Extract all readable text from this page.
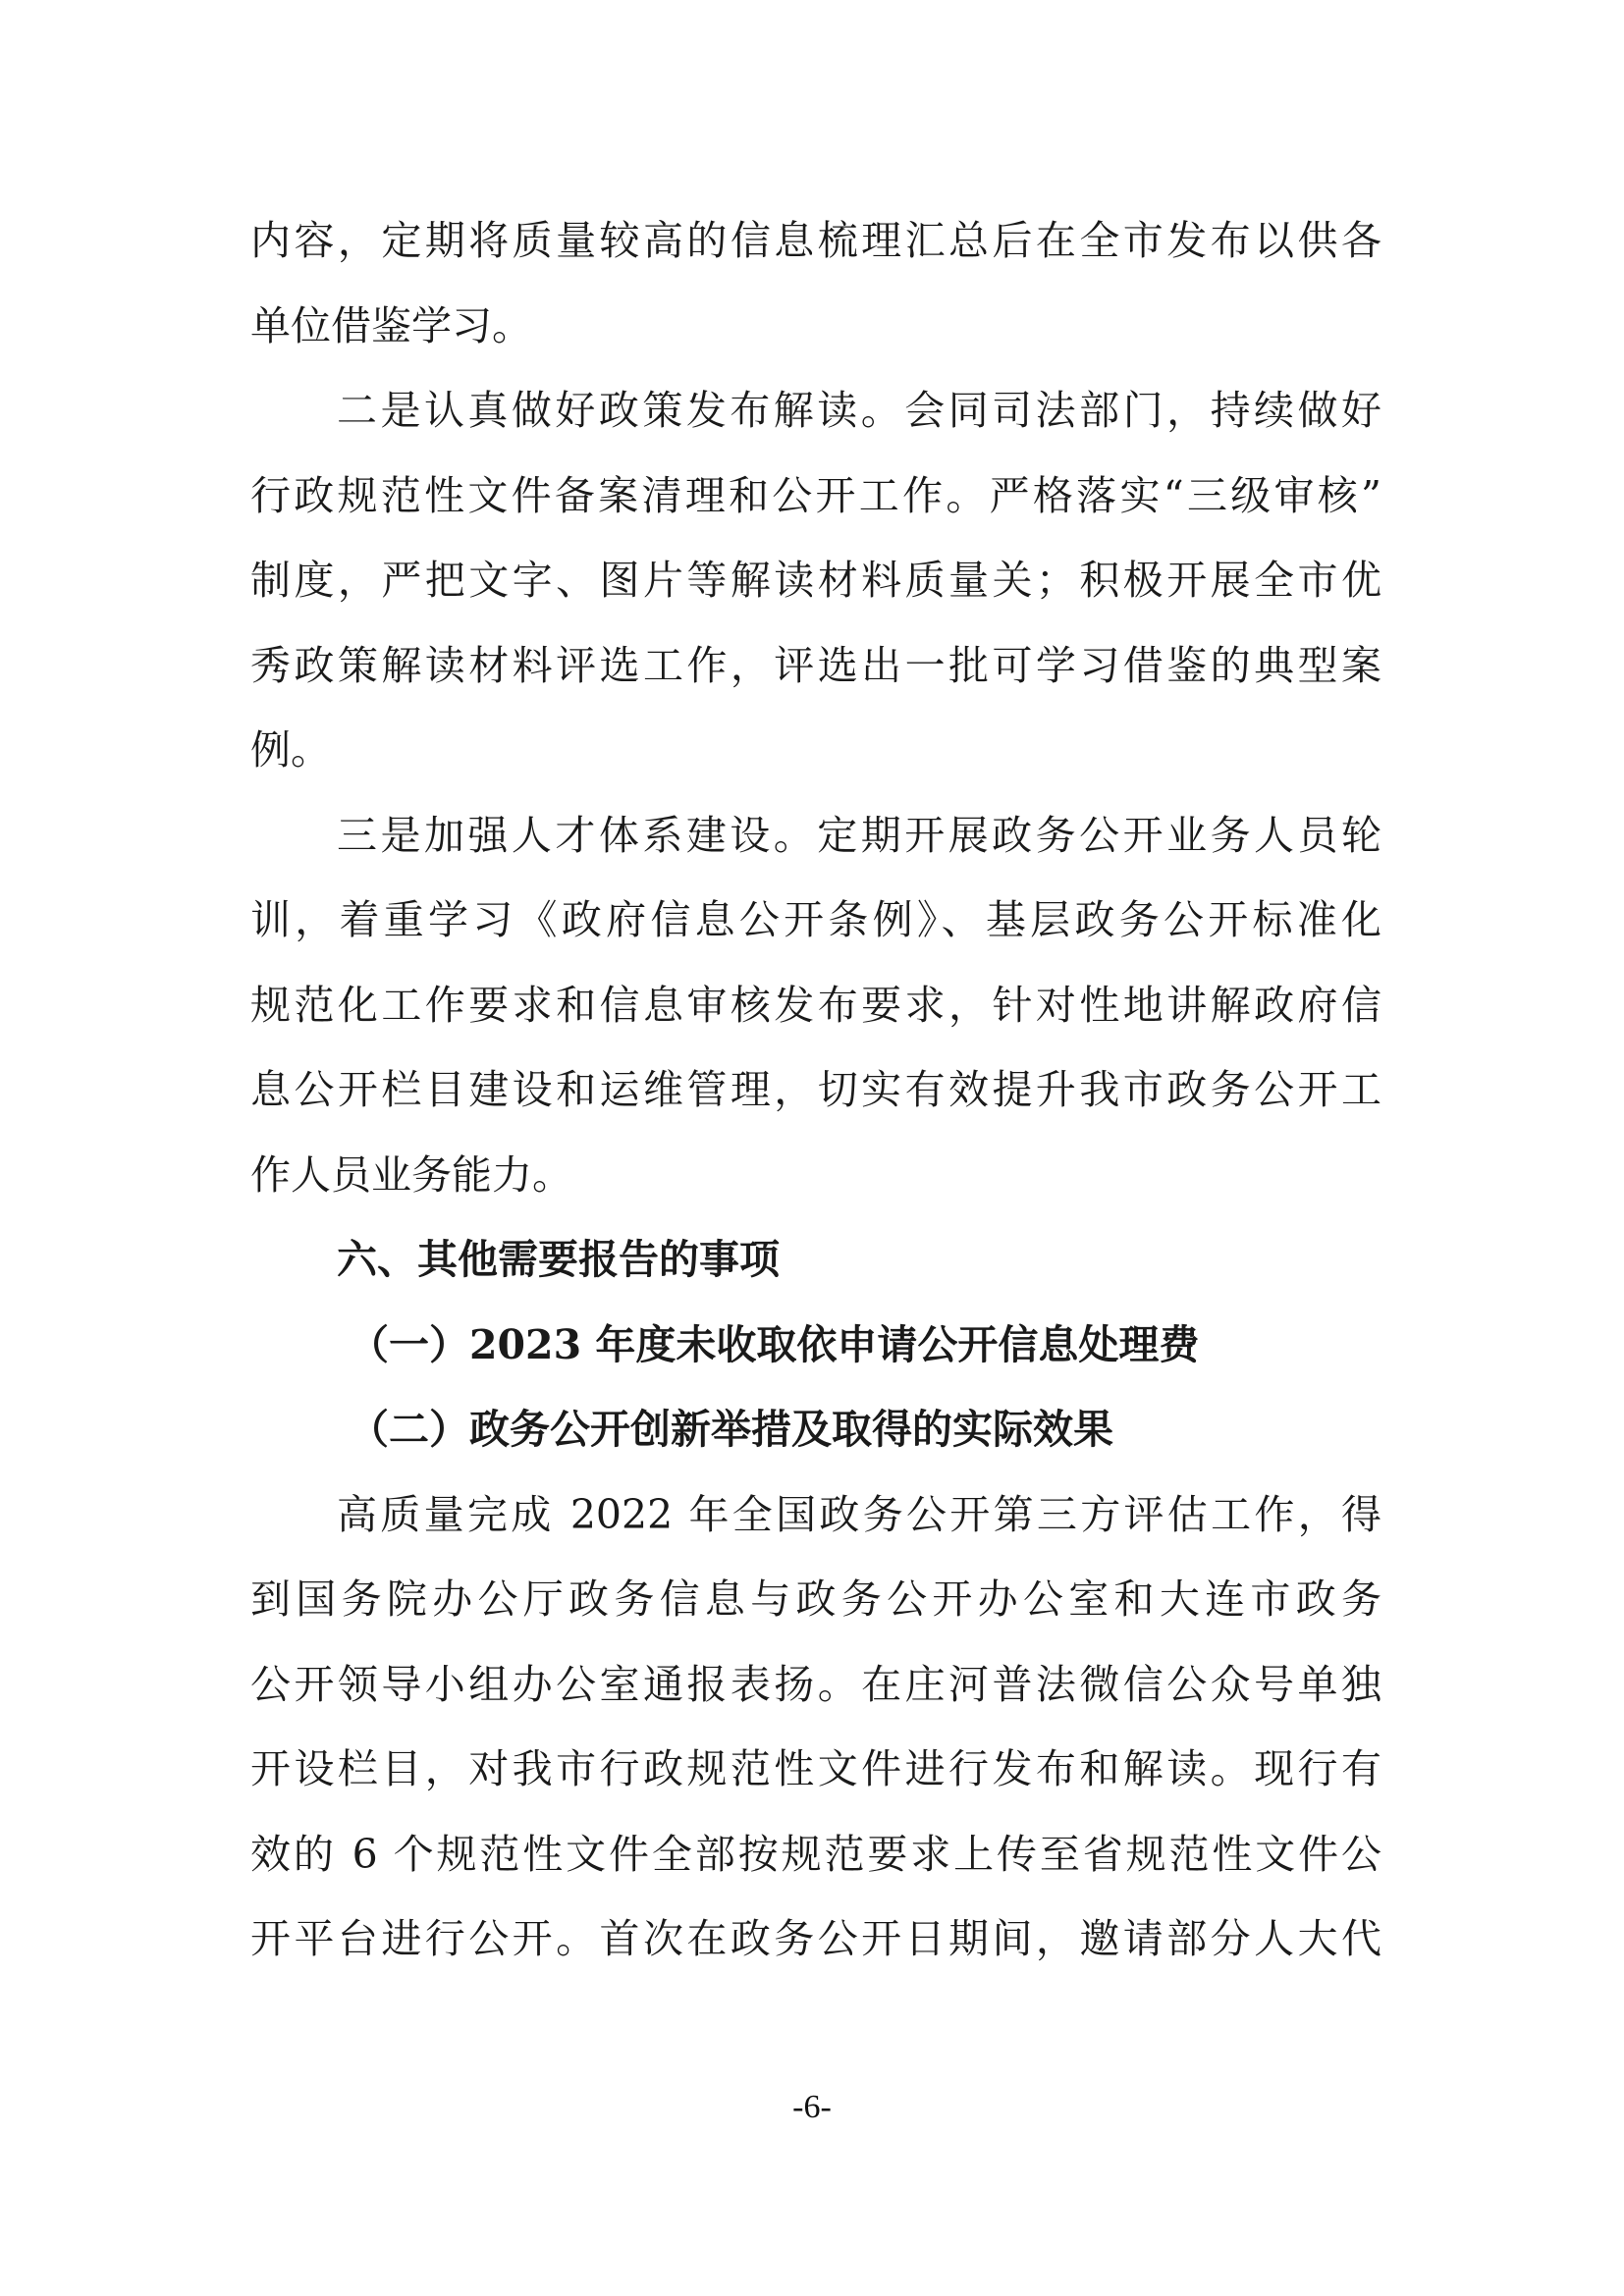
内容，定期将质量较高的信息梳理汇总后在全市发布以供各
单位借鉴学习。
二是认真做好政策发布解读。会同司法部门，持续做好
行政规范性文件备案清理和公开工作。严格落实“三级审核”
制度，严把文字、图片等解读材料质量关；积极开展全市优
秀政策解读材料评选工作，评选出一批可学习借鉴的典型案
例。
三是加强人才体系建设。定期开展政务公开业务人员轮
训，着重学习《政府信息公开条例》、基层政务公开标准化
规范化工作要求和信息审核发布要求，针对性地讲解政府信
息公开栏目建设和运维管理，切实有效提升我市政务公开工
作人员业务能力。
六、其他需要报告的事项
（一）2023 年度未收取依申请公开信息处理费
（二）政务公开创新举措及取得的实际效果
高质量完成 2022 年全国政务公开第三方评估工作，得
到国务院办公厅政务信息与政务公开办公室和大连市政务
公开领导小组办公室通报表扬。在庄河普法微信公众号单独
开设栏目，对我市行政规范性文件进行发布和解读。现行有
效的 6 个规范性文件全部按规范要求上传至省规范性文件公
开平台进行公开。首次在政务公开日期间，邀请部分人大代
-6-
